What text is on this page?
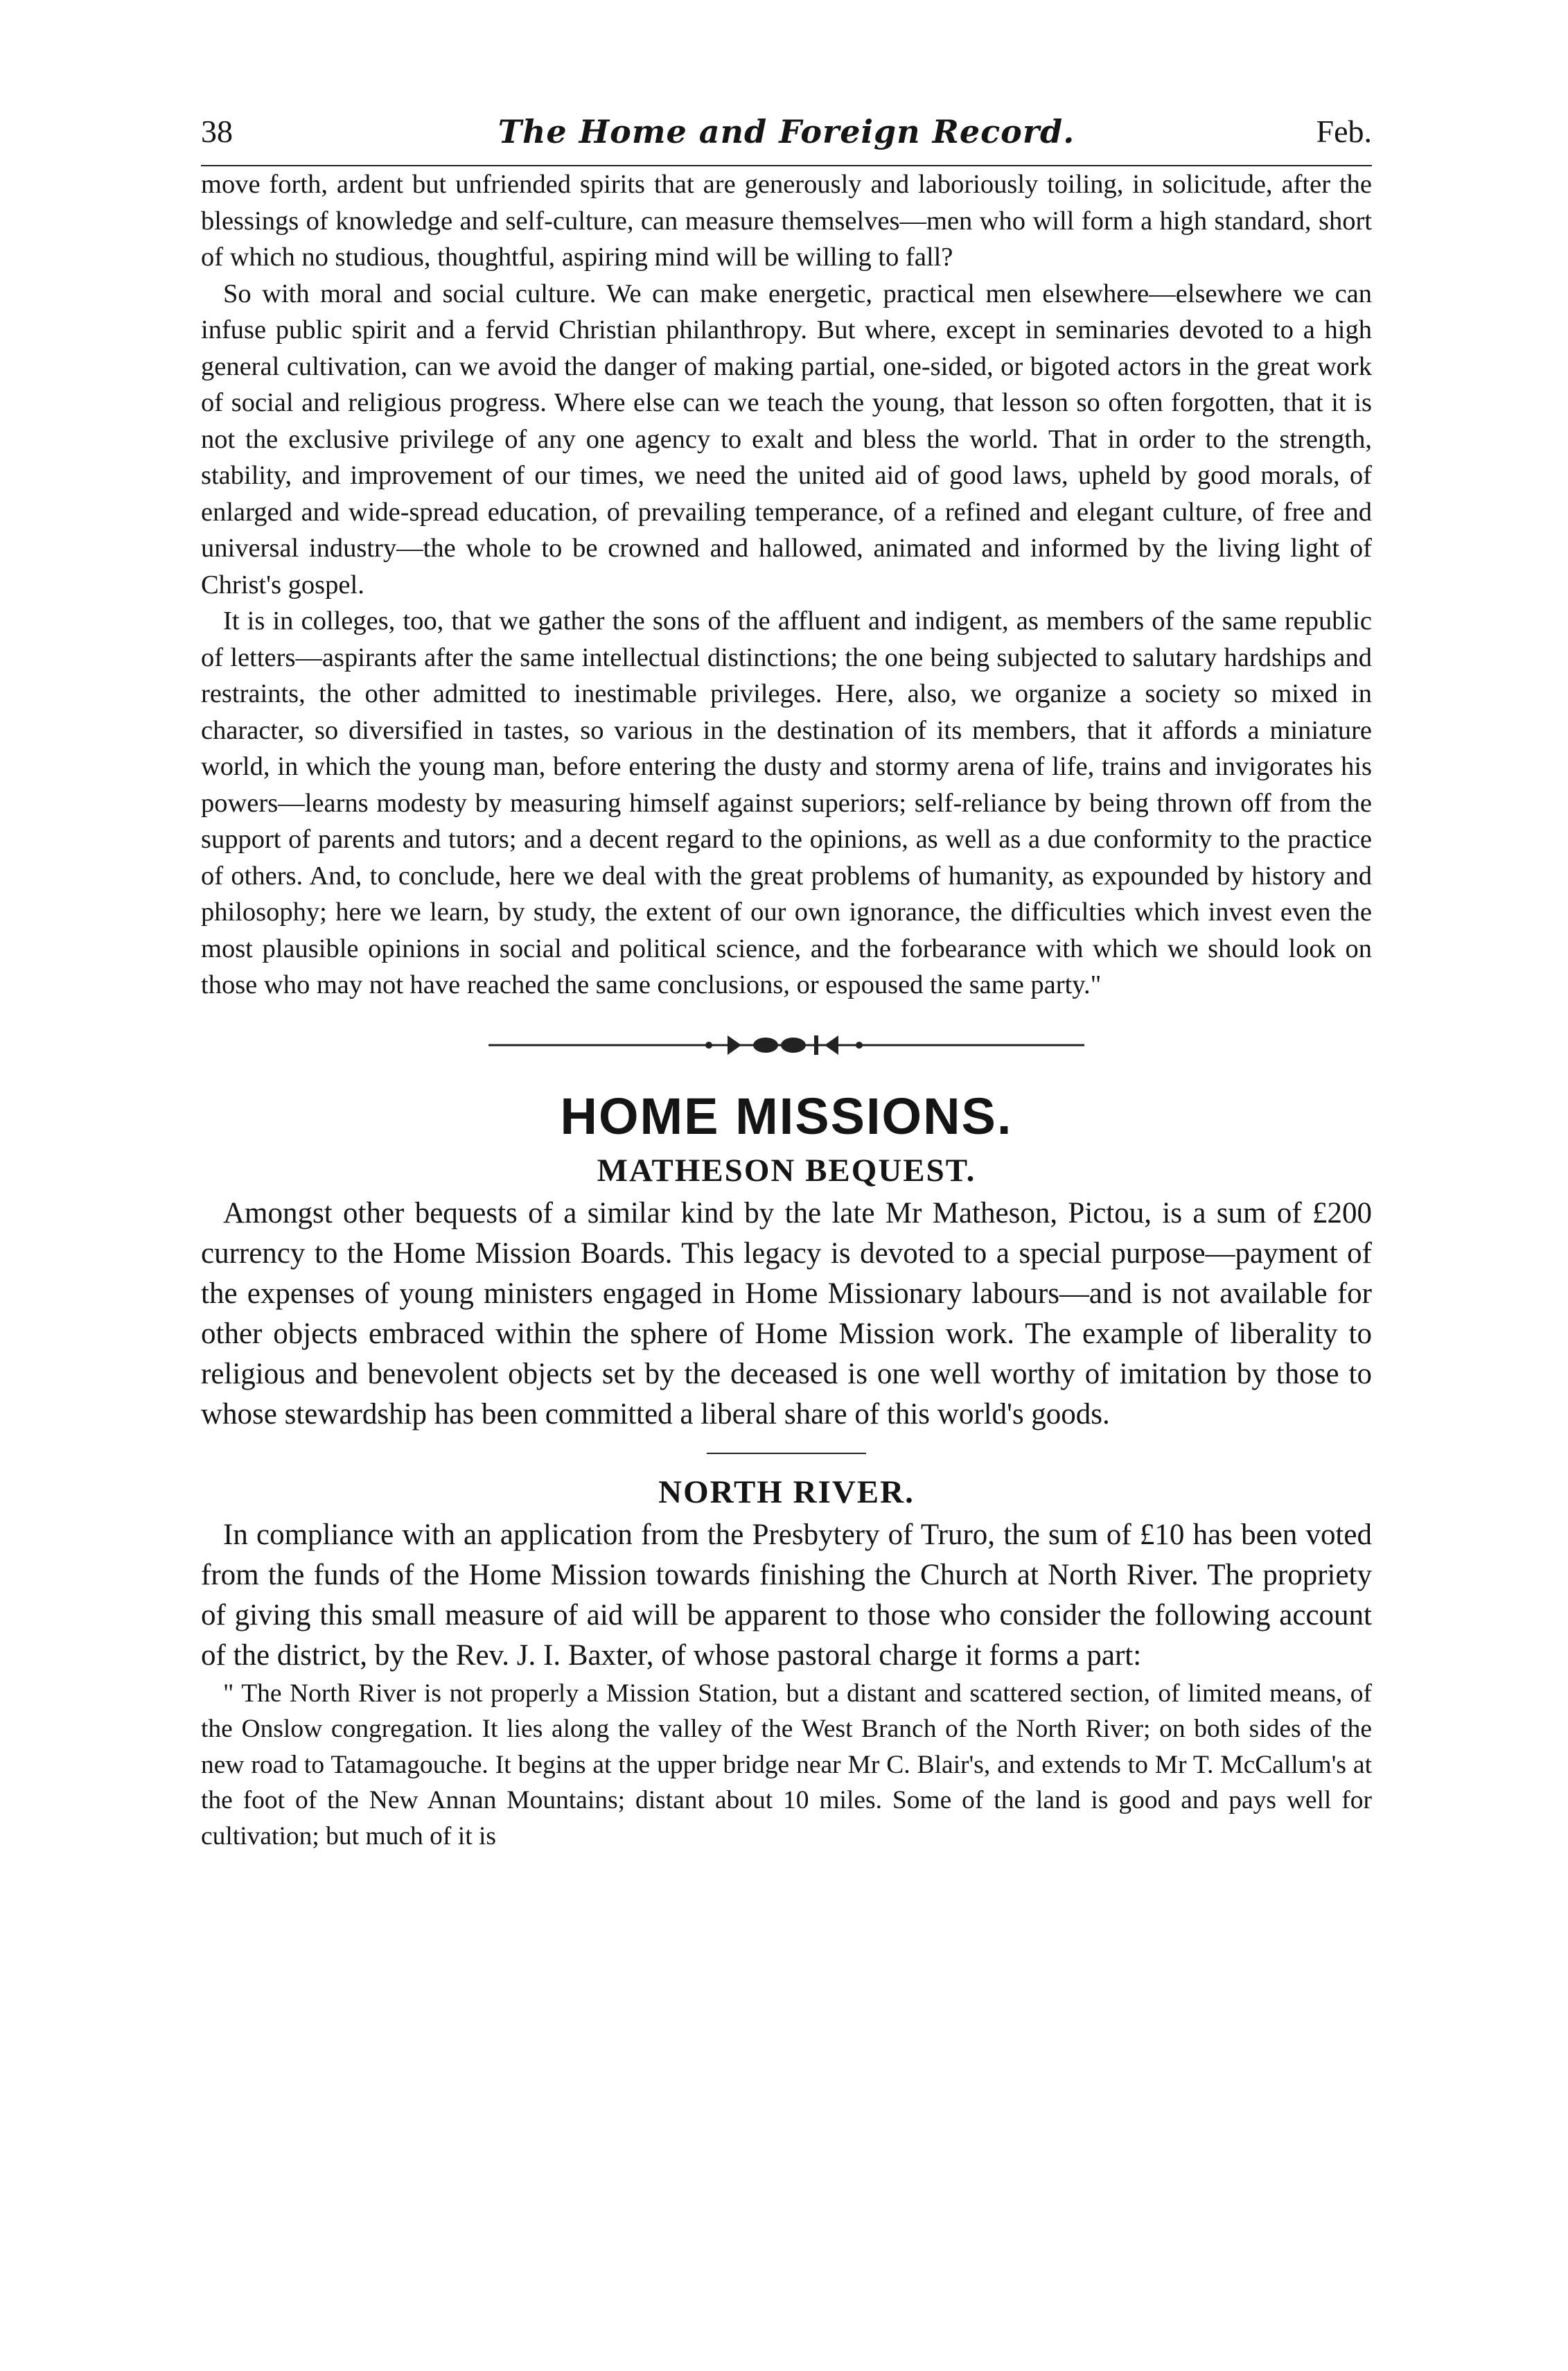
38	The Home and Foreign Record.	Feb.

move forth, ardent but unfriended spirits that are generously and laboriously toiling, in solicitude, after the blessings of knowledge and self-culture, can measure themselves—men who will form a high standard, short of which no studious, thoughtful, aspiring mind will be willing to fall?

So with moral and social culture. We can make energetic, practical men elsewhere—elsewhere we can infuse public spirit and a fervid Christian philanthropy. But where, except in seminaries devoted to a high general cultivation, can we avoid the danger of making partial, one-sided, or bigoted actors in the great work of social and religious progress. Where else can we teach the young, that lesson so often forgotten, that it is not the exclusive privilege of any one agency to exalt and bless the world. That in order to the strength, stability, and improvement of our times, we need the united aid of good laws, upheld by good morals, of enlarged and wide-spread education, of prevailing temperance, of a refined and elegant culture, of free and universal industry—the whole to be crowned and hallowed, animated and informed by the living light of Christ's gospel.

It is in colleges, too, that we gather the sons of the affluent and indigent, as members of the same republic of letters—aspirants after the same intellectual distinctions; the one being subjected to salutary hardships and restraints, the other admitted to inestimable privileges. Here, also, we organize a society so mixed in character, so diversified in tastes, so various in the destination of its members, that it affords a miniature world, in which the young man, before entering the dusty and stormy arena of life, trains and invigorates his powers—learns modesty by measuring himself against superiors; self-reliance by being thrown off from the support of parents and tutors; and a decent regard to the opinions, as well as a due conformity to the practice of others. And, to conclude, here we deal with the great problems of humanity, as expounded by history and philosophy; here we learn, by study, the extent of our own ignorance, the difficulties which invest even the most plausible opinions in social and political science, and the forbearance with which we should look on those who may not have reached the same conclusions, or espoused the same party."

HOME MISSIONS.
MATHESON BEQUEST.

Amongst other bequests of a similar kind by the late Mr Matheson, Pictou, is a sum of £200 currency to the Home Mission Boards. This legacy is devoted to a special purpose—payment of the expenses of young ministers engaged in Home Missionary labours—and is not available for other objects embraced within the sphere of Home Mission work. The example of liberality to religious and benevolent objects set by the deceased is one well worthy of imitation by those to whose stewardship has been committed a liberal share of this world's goods.

NORTH RIVER.

In compliance with an application from the Presbytery of Truro, the sum of £10 has been voted from the funds of the Home Mission towards finishing the Church at North River. The propriety of giving this small measure of aid will be apparent to those who consider the following account of the district, by the Rev. J. I. Baxter, of whose pastoral charge it forms a part:

" The North River is not properly a Mission Station, but a distant and scattered section, of limited means, of the Onslow congregation. It lies along the valley of the West Branch of the North River; on both sides of the new road to Tatamagouche. It begins at the upper bridge near Mr C. Blair's, and extends to Mr T. McCallum's at the foot of the New Annan Mountains; distant about 10 miles. Some of the land is good and pays well for cultivation; but much of it is
